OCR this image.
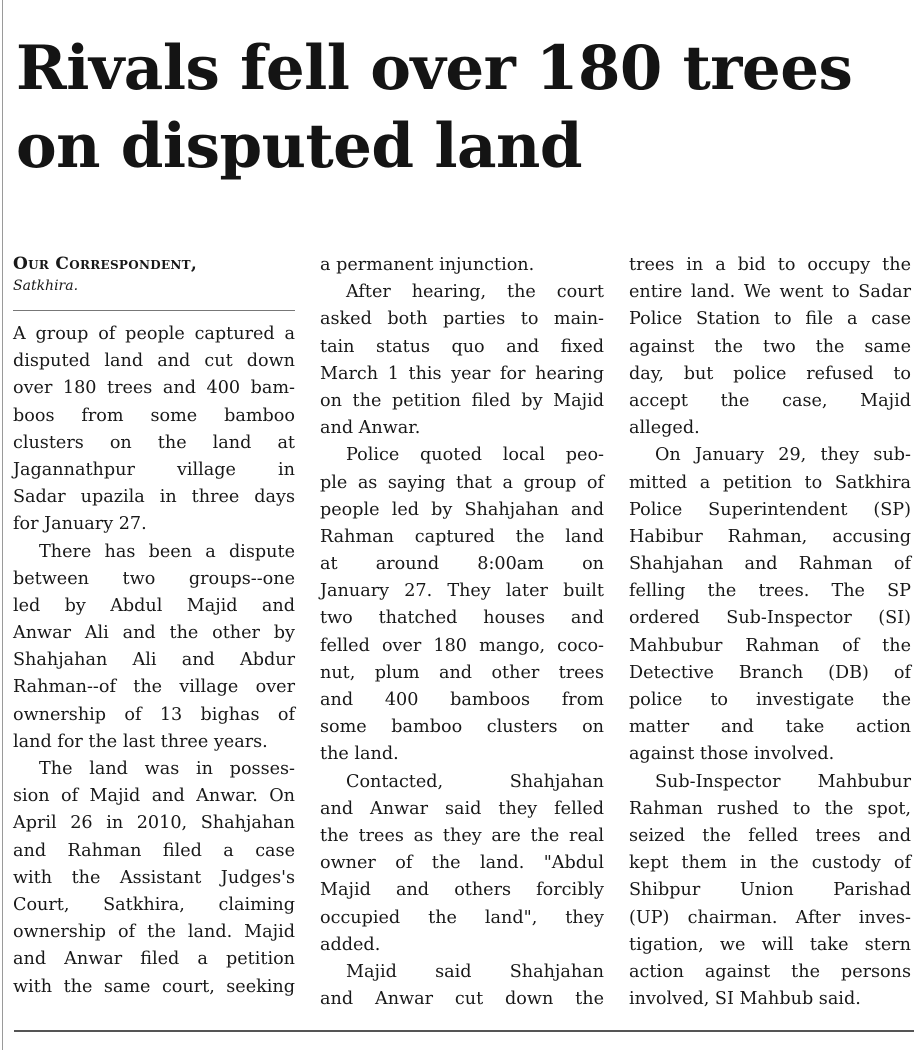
Rivals fell over 180 trees
on disputed land
Our Correspondent,
Satkhira.
A group of people captured a
disputed land and cut down
over 180 trees and 400 bam-
boos from some bamboo
clusters on the land at
Jagannathpur village in
Sadar upazila in three days
for January 27.
There has been a dispute
between two groups--one
led by Abdul Majid and
Anwar Ali and the other by
Shahjahan Ali and Abdur
Rahman--of the village over
ownership of 13 bighas of
land for the last three years.
The land was in posses-
sion of Majid and Anwar. On
April 26 in 2010, Shahjahan
and Rahman filed a case
with the Assistant Judges's
Court, Satkhira, claiming
ownership of the land. Majid
and Anwar filed a petition
with the same court, seeking
a permanent injunction.
After hearing, the court
asked both parties to main-
tain status quo and fixed
March 1 this year for hearing
on the petition filed by Majid
and Anwar.
Police quoted local peo-
ple as saying that a group of
people led by Shahjahan and
Rahman captured the land
at around 8:00am on
January 27. They later built
two thatched houses and
felled over 180 mango, coco-
nut, plum and other trees
and 400 bamboos from
some bamboo clusters on
the land.
Contacted, Shahjahan
and Anwar said they felled
the trees as they are the real
owner of the land. "Abdul
Majid and others forcibly
occupied the land", they
added.
Majid said Shahjahan
and Anwar cut down the
trees in a bid to occupy the
entire land. We went to Sadar
Police Station to file a case
against the two the same
day, but police refused to
accept the case, Majid
alleged.
On January 29, they sub-
mitted a petition to Satkhira
Police Superintendent (SP)
Habibur Rahman, accusing
Shahjahan and Rahman of
felling the trees. The SP
ordered Sub-Inspector (SI)
Mahbubur Rahman of the
Detective Branch (DB) of
police to investigate the
matter and take action
against those involved.
Sub-Inspector Mahbubur
Rahman rushed to the spot,
seized the felled trees and
kept them in the custody of
Shibpur Union Parishad
(UP) chairman. After inves-
tigation, we will take stern
action against the persons
involved, SI Mahbub said.
